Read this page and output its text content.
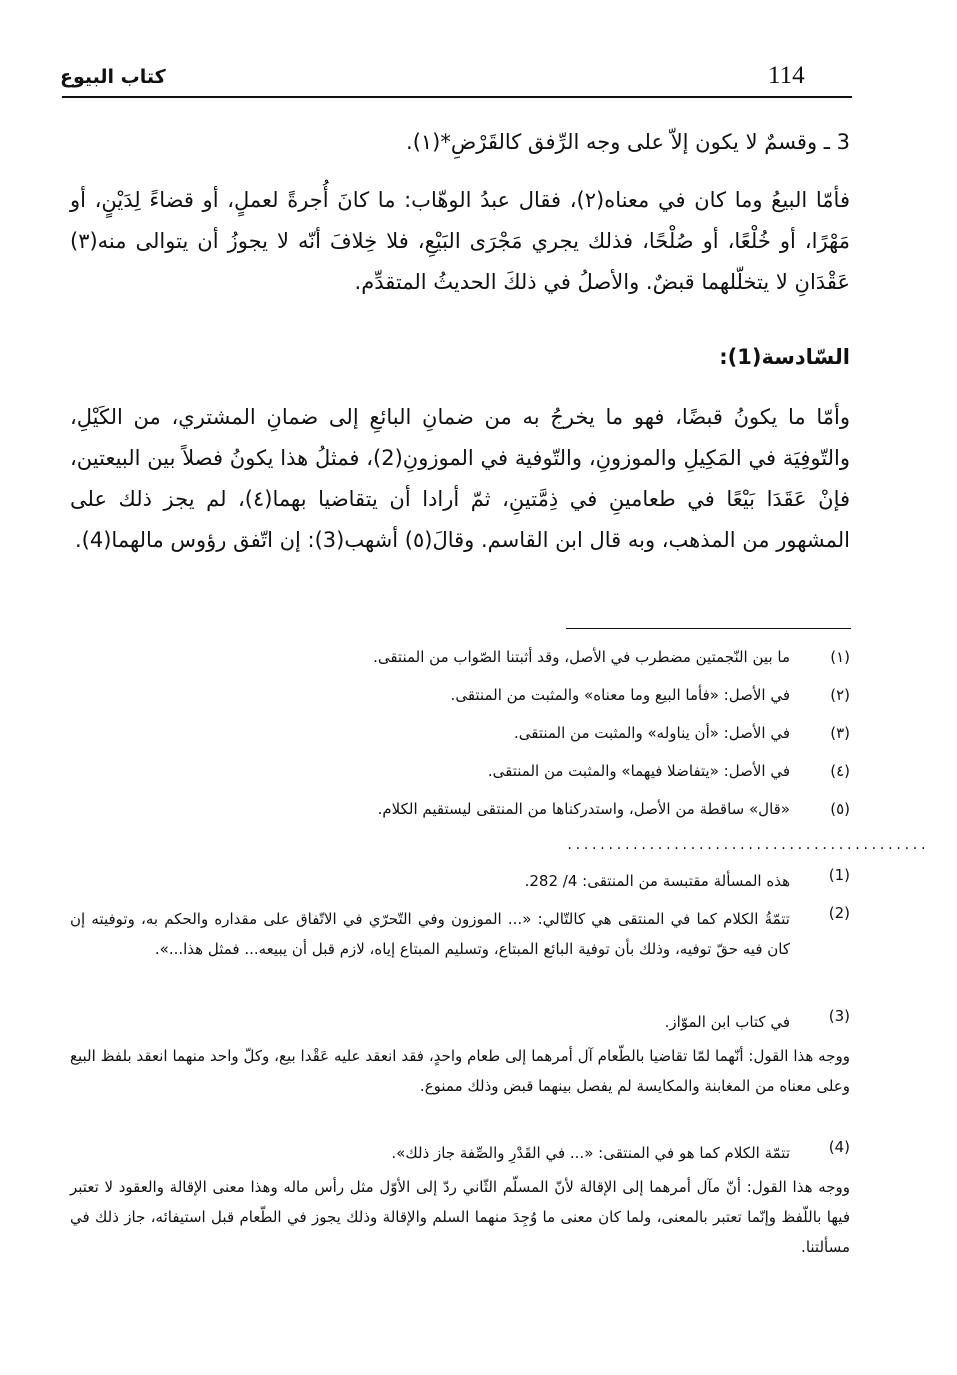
114
كتاب البيوع
3 ـ وقسمٌ لا يكون إلاّ على وجه الرِّفق كالقَرْضِ*(١).
فأمّا البيعُ وما كان في معناه(٢)، فقال عبدُ الوهّاب: ما كانَ أُجرةً لعملٍ، أو قضاءً لِدَيْنٍ، أو مَهْرًا، أو خُلْعًا، أو صُلْحًا، فذلك يجري مَجْرَى البَيْعِ، فلا خِلافَ أنّه لا يجوزُ أن يتوالى منه(٣) عَقْدَانِ لا يتخلّلهما قبضٌ. والأصلُ في ذلكَ الحديثُ المتقدِّم.
السّادسة(1):
وأمّا ما يكونُ قبضًا، فهو ما يخرجُ به من ضمانِ البائعِ إلى ضمانِ المشتري، من الكَيْلِ، والتّوفِيَة في المَكِيلِ والموزونِ، والتّوفية في الموزونِ(2)، فمثلُ هذا يكونُ فصلاً بين البيعتين، فإنْ عَقَدَا بَيْعًا في طعامينِ في ذِمَّتينِ، ثمّ أرادا أن يتقاضيا بهما(٤)، لم يجز ذلك على المشهور من المذهب، وبه قال ابن القاسم. وقالَ(٥) أشهب(3): إن اتّفق رؤوس مالهما(4).
(١)
ما بين النّجمتين مضطرب في الأصل، وقد أثبتنا الصّواب من المنتقى.
(٢)
في الأصل: «فأما البيع وما معناه» والمثبت من المنتقى.
(٣)
في الأصل: «أن يناوله» والمثبت من المنتقى.
(٤)
في الأصل: «يتفاضلا فيهما» والمثبت من المنتقى.
(٥)
«قال» ساقطة من الأصل، واستدركناها من المنتقى ليستقيم الكلام.
............................................
(1)
هذه المسألة مقتبسة من المنتقى: 4/ 282.
(2)
تتمّةُ الكلام كما في المنتقى هي كالتّالي: «... الموزون وفي التّحرّي في الاتّفاق على مقداره والحكم به، وتوفيته إن كان فيه حقّ توفيه، وذلك بأن توفية البائع المبتاع، وتسليم المبتاع إياه، لازم قبل أن يبيعه... فمثل هذا...».
(3)
في كتاب ابن الموّاز.
ووجه هذا القول: أنّهما لمّا تقاضيا بالطّعام آل أمرهما إلى طعام واحدٍ، فقد انعقد عليه عَقْدا بيع، وكلّ واحد منهما انعقد بلفظ البيع وعلى معناه من المغابنة والمكايسة لم يفصل بينهما قبض وذلك ممنوع.
(4)
تتمّة الكلام كما هو في المنتقى: «... في القَدْرِ والصِّفة جاز ذلك».
ووجه هذا القول: أنّ مآل أمرهما إلى الإقالة لأنّ المسلّم الثّاني ردّ إلى الأوّل مثل رأس ماله وهذا معنى الإقالة والعقود لا تعتبر فيها باللّفظ وإنّما تعتبر بالمعنى، ولما كان معنى ما وُجِدَ منهما السلم والإقالة وذلك يجوز في الطّعام قبل استيفائه، جاز ذلك في مسألتنا.
